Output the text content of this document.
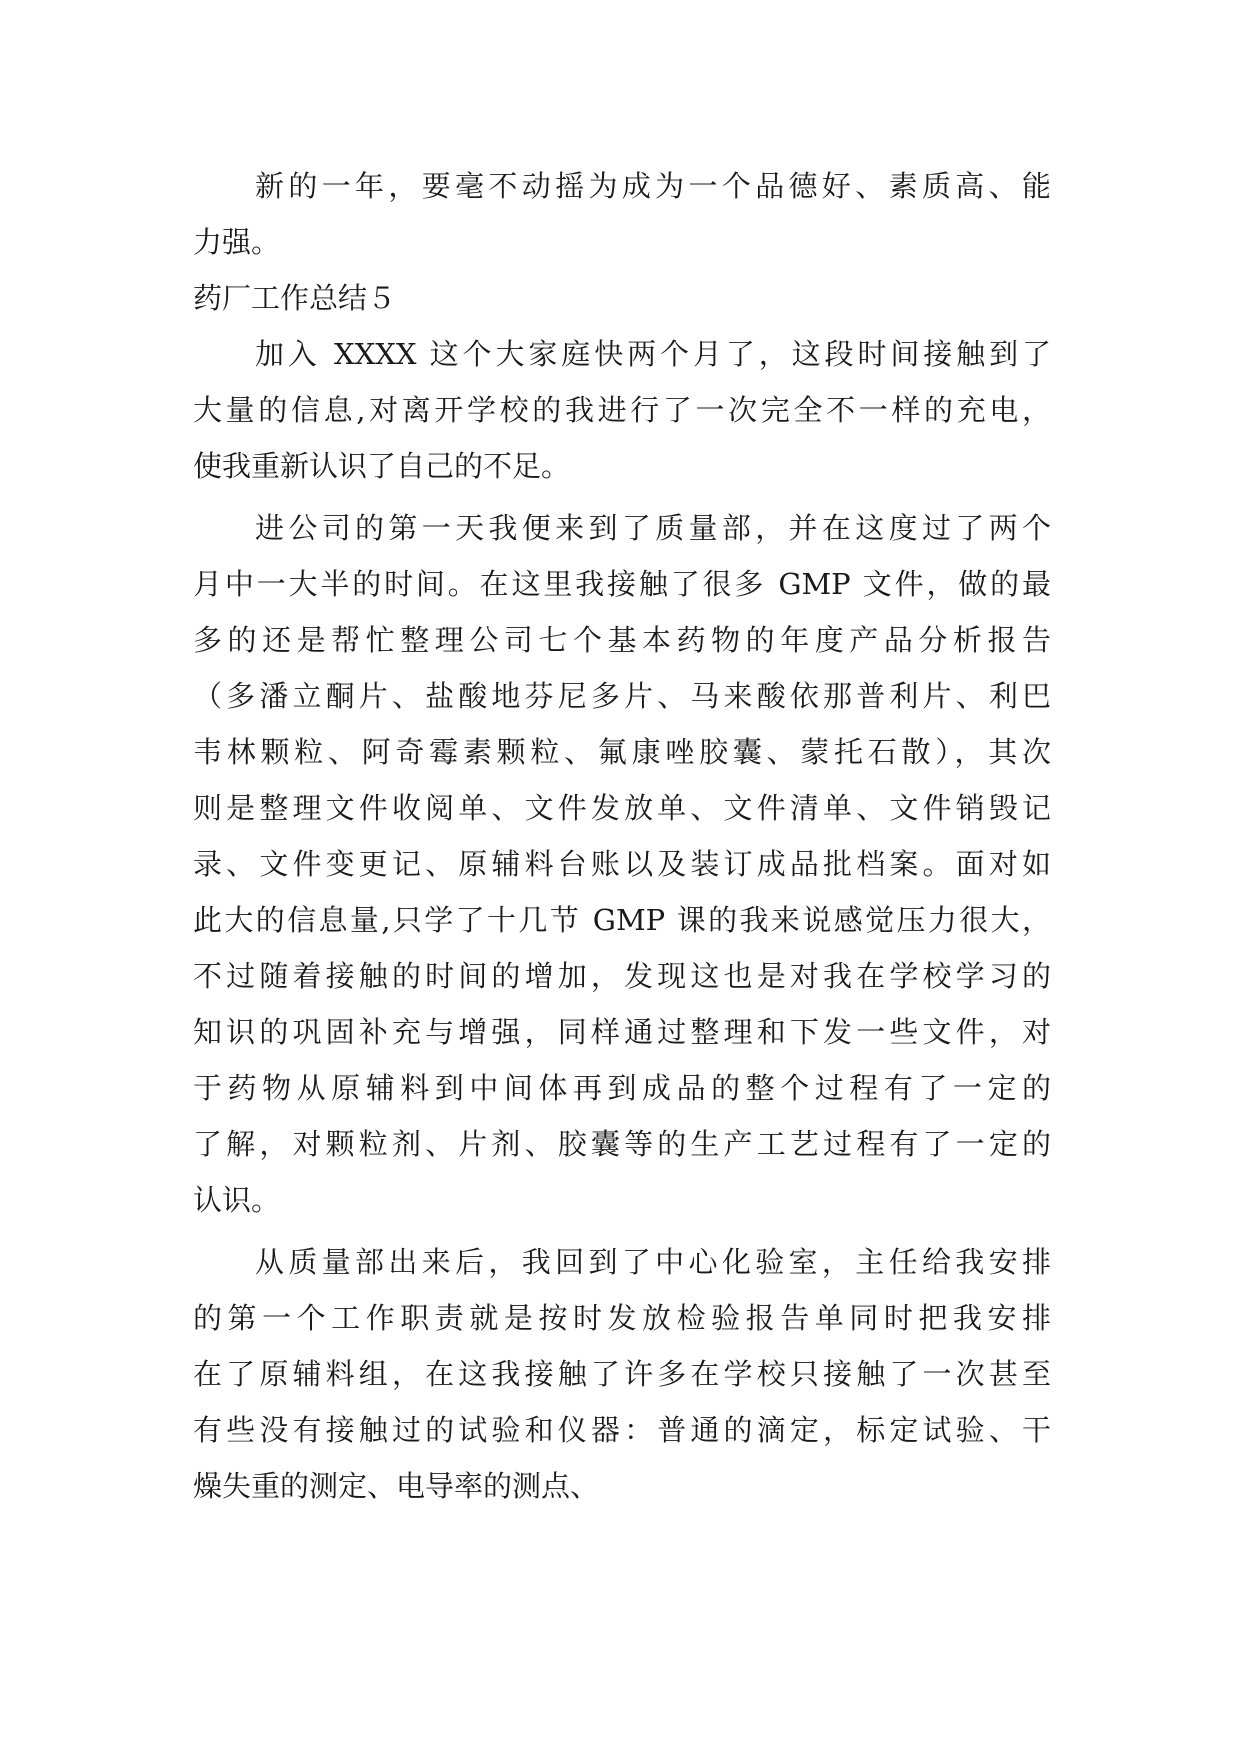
新的一年，要毫不动摇为成为一个品德好、素质高、能
力强。
药厂工作总结５
加入 XXXX 这个大家庭快两个月了，这段时间接触到了
大量的信息,对离开学校的我进行了一次完全不一样的充电，
使我重新认识了自己的不足。
进公司的第一天我便来到了质量部，并在这度过了两个
月中一大半的时间。在这里我接触了很多 GMP 文件，做的最
多的还是帮忙整理公司七个基本药物的年度产品分析报告
（多潘立酮片、盐酸地芬尼多片、马来酸依那普利片、利巴
韦林颗粒、阿奇霉素颗粒、氟康唑胶囊、蒙托石散），其次
则是整理文件收阅单、文件发放单、文件清单、文件销毁记
录、文件变更记、原辅料台账以及装订成品批档案。面对如
此大的信息量,只学了十几节 GMP 课的我来说感觉压力很大，
不过随着接触的时间的增加，发现这也是对我在学校学习的
知识的巩固补充与增强，同样通过整理和下发一些文件，对
于药物从原辅料到中间体再到成品的整个过程有了一定的
了解，对颗粒剂、片剂、胶囊等的生产工艺过程有了一定的
认识。
从质量部出来后，我回到了中心化验室，主任给我安排
的第一个工作职责就是按时发放检验报告单同时把我安排
在了原辅料组，在这我接触了许多在学校只接触了一次甚至
有些没有接触过的试验和仪器：普通的滴定，标定试验、干
燥失重的测定、电导率的测点、
